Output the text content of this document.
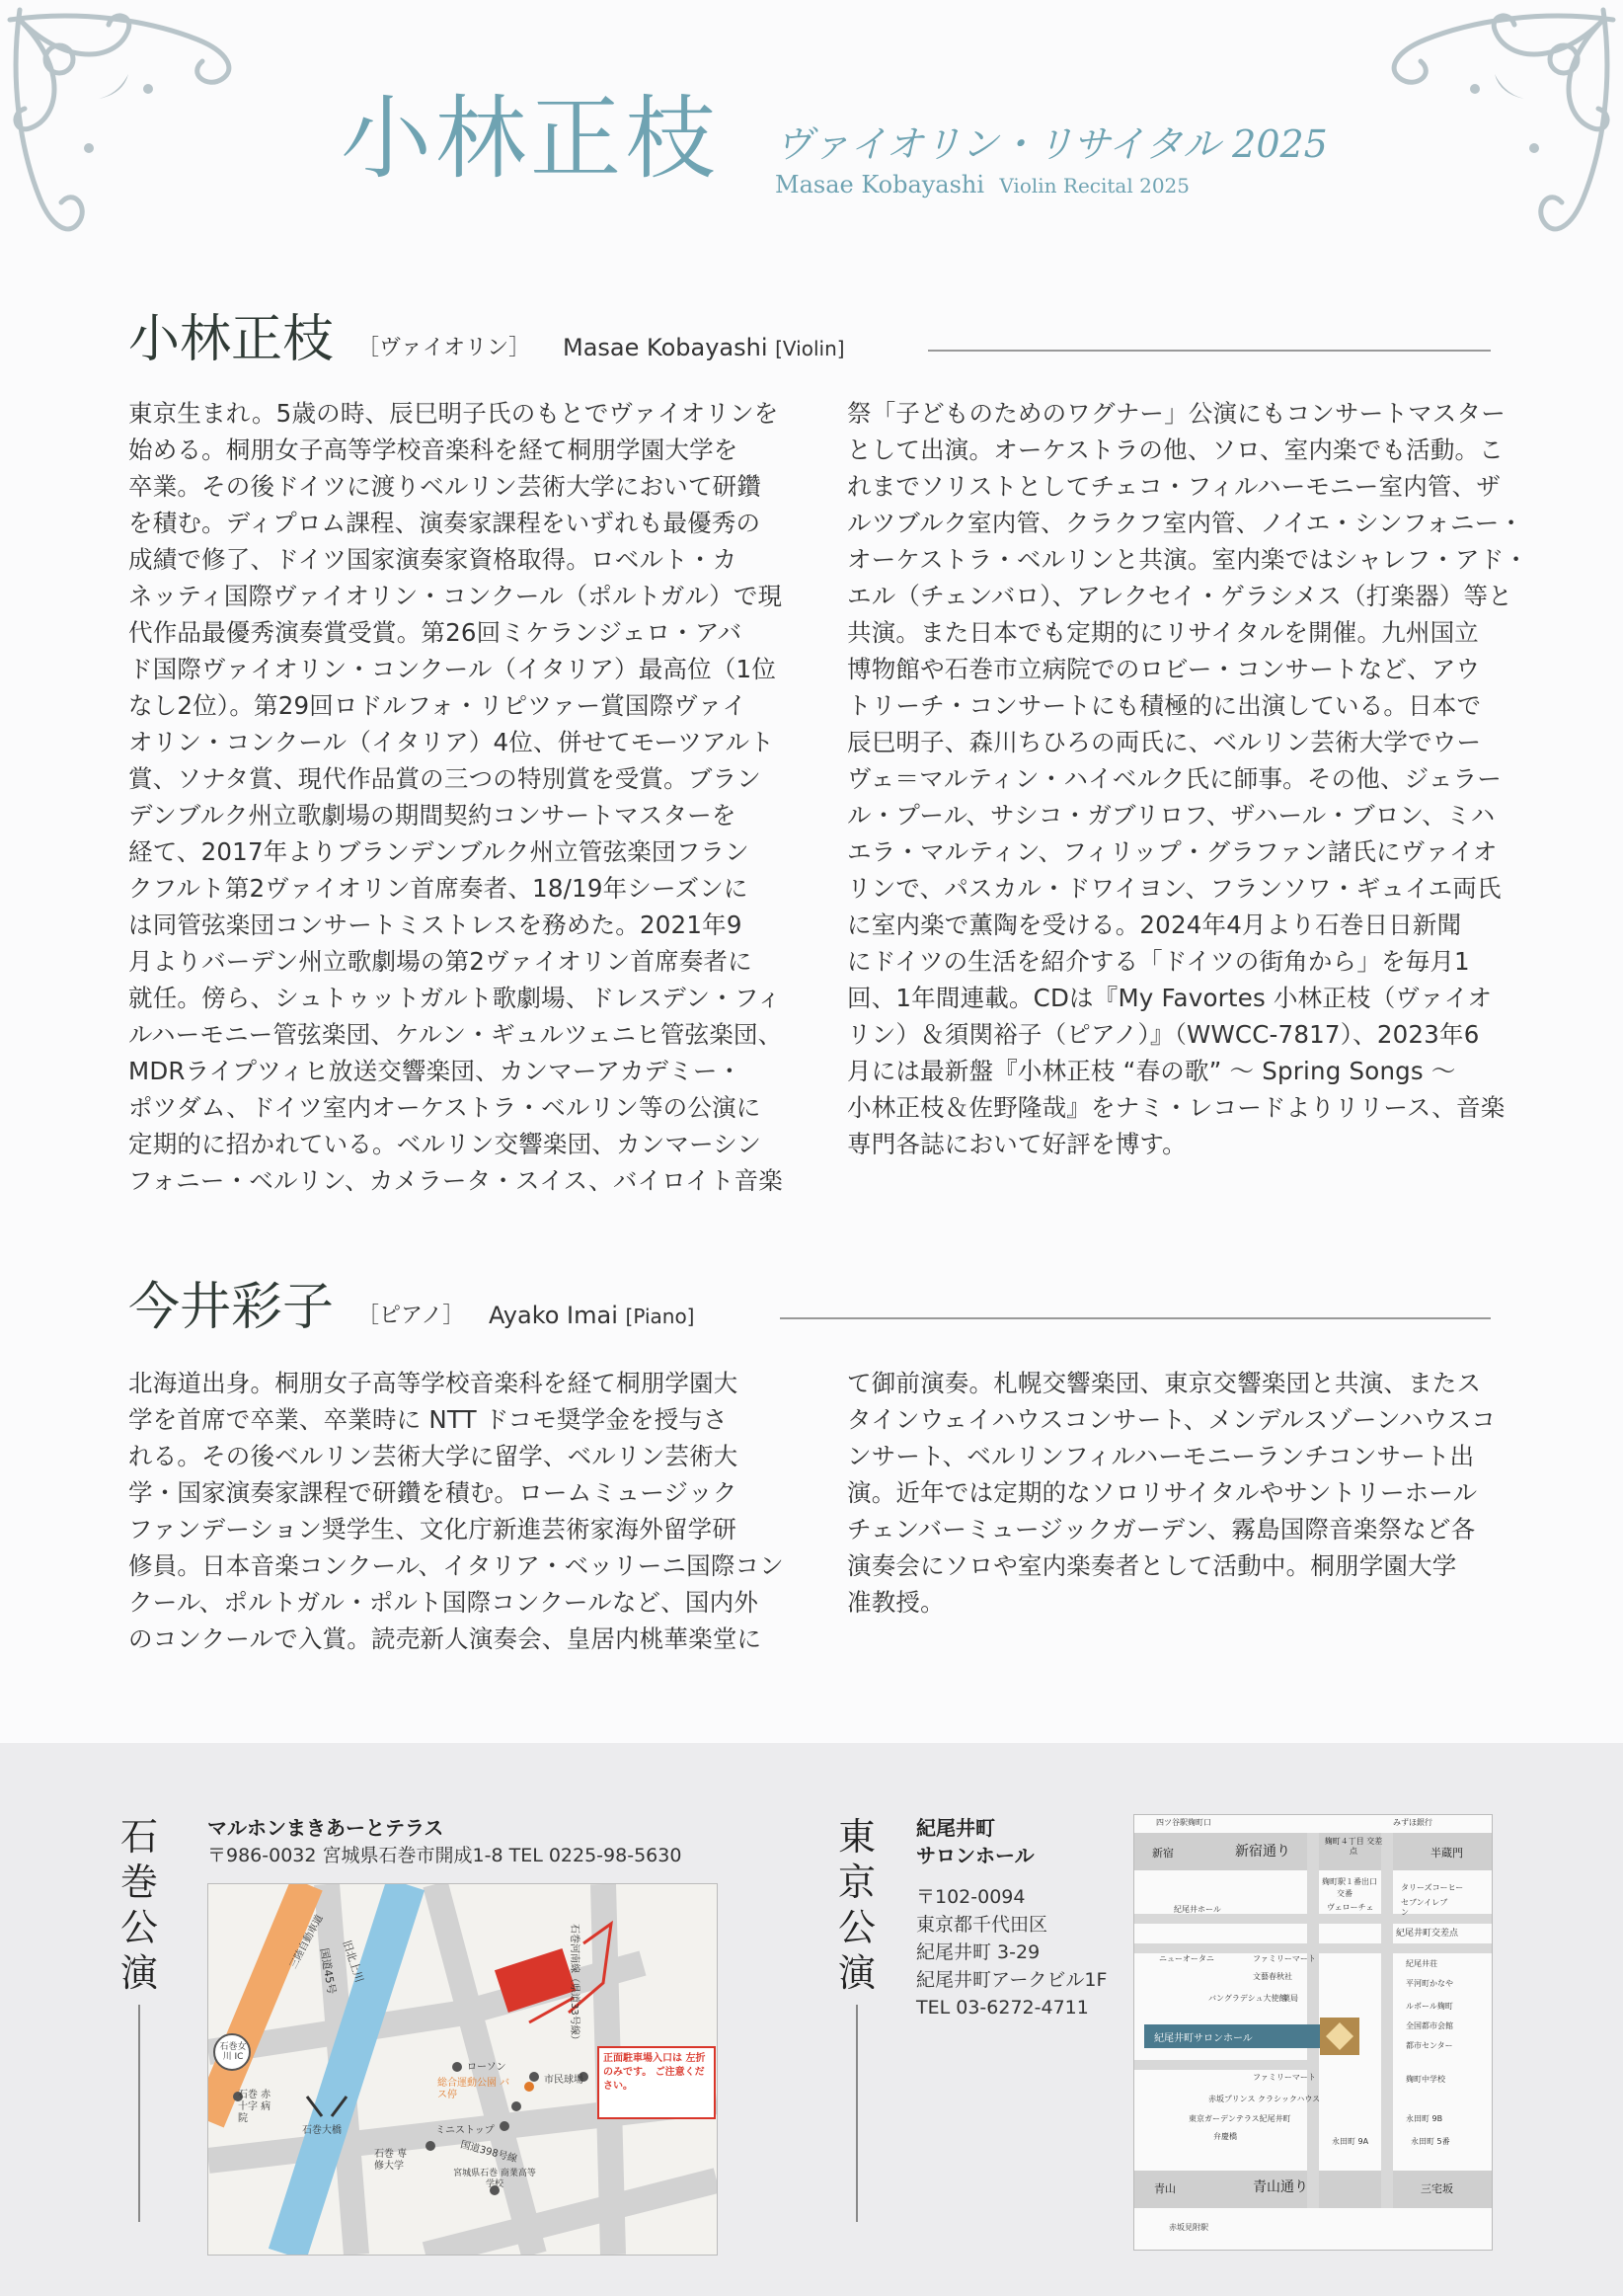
小林正枝 ヴァイオリン・リサイタル 2025
Masae Kobayashi Violin Recital 2025
小林正枝 ［ヴァイオリン］ Masae Kobayashi [Violin]
東京生まれ。5歳の時、辰巳明子氏のもとでヴァイオリンを
始める。桐朋女子高等学校音楽科を経て桐朋学園大学を
卒業。その後ドイツに渡りベルリン芸術大学において研鑽
を積む。ディプロム課程、演奏家課程をいずれも最優秀の
成績で修了、ドイツ国家演奏家資格取得。ロベルト・カ
ネッティ国際ヴァイオリン・コンクール（ポルトガル）で現
代作品最優秀演奏賞受賞。第26回ミケランジェロ・アバ
ド国際ヴァイオリン・コンクール（イタリア）最高位（1位
なし2位）。第29回ロドルフォ・リピツァー賞国際ヴァイ
オリン・コンクール（イタリア）4位、併せてモーツアルト
賞、ソナタ賞、現代作品賞の三つの特別賞を受賞。ブラン
デンブルク州立歌劇場の期間契約コンサートマスターを
経て、2017年よりブランデンブルク州立管弦楽団フラン
クフルト第2ヴァイオリン首席奏者、18/19年シーズンに
は同管弦楽団コンサートミストレスを務めた。2021年9
月よりバーデン州立歌劇場の第2ヴァイオリン首席奏者に
就任。傍ら、シュトゥットガルト歌劇場、ドレスデン・フィ
ルハーモニー管弦楽団、ケルン・ギュルツェニヒ管弦楽団、
MDRライプツィヒ放送交響楽団、カンマーアカデミー・
ポツダム、ドイツ室内オーケストラ・ベルリン等の公演に
定期的に招かれている。ベルリン交響楽団、カンマーシン
フォニー・ベルリン、カメラータ・スイス、バイロイト音楽
祭「子どものためのワグナー」公演にもコンサートマスター
として出演。オーケストラの他、ソロ、室内楽でも活動。こ
れまでソリストとしてチェコ・フィルハーモニー室内管、ザ
ルツブルク室内管、クラクフ室内管、ノイエ・シンフォニー・
オーケストラ・ベルリンと共演。室内楽ではシャレフ・アド・
エル（チェンバロ）、アレクセイ・ゲラシメス（打楽器）等と
共演。また日本でも定期的にリサイタルを開催。九州国立
博物館や石巻市立病院でのロビー・コンサートなど、アウ
トリーチ・コンサートにも積極的に出演している。日本で
辰巳明子、森川ちひろの両氏に、ベルリン芸術大学でウー
ヴェ＝マルティン・ハイベルク氏に師事。その他、ジェラー
ル・プール、サシコ・ガブリロフ、ザハール・ブロン、ミハ
エラ・マルティン、フィリップ・グラファン諸氏にヴァイオ
リンで、パスカル・ドワイヨン、フランソワ・ギュイエ両氏
に室内楽で薫陶を受ける。2024年4月より石巻日日新聞
にドイツの生活を紹介する「ドイツの街角から」を毎月1
回、1年間連載。CDは『My Favortes 小林正枝（ヴァイオ
リン）＆須関裕子（ピアノ）』（WWCC-7817）、2023年6
月には最新盤『小林正枝 “春の歌” 〜 Spring Songs 〜
小林正枝＆佐野隆哉』をナミ・レコードよりリリース、音楽
専門各誌において好評を博す。
今井彩子 ［ピアノ］ Ayako Imai [Piano]
北海道出身。桐朋女子高等学校音楽科を経て桐朋学園大
学を首席で卒業、卒業時に NTT ドコモ奨学金を授与さ
れる。その後ベルリン芸術大学に留学、ベルリン芸術大
学・国家演奏家課程で研鑽を積む。ロームミュージック
ファンデーション奨学生、文化庁新進芸術家海外留学研
修員。日本音楽コンクール、イタリア・ベッリーニ国際コン
クール、ポルトガル・ポルト国際コンクールなど、国内外
のコンクールで入賞。読売新人演奏会、皇居内桃華楽堂に
て御前演奏。札幌交響楽団、東京交響楽団と共演、またス
タインウェイハウスコンサート、メンデルスゾーンハウスコ
ンサート、ベルリンフィルハーモニーランチコンサート出
演。近年では定期的なソロリサイタルやサントリーホール
チェンバーミュージックガーデン、霧島国際音楽祭など各
演奏会にソロや室内楽奏者として活動中。桐朋学園大学
准教授。
石
巻
公
演
マルホンまきあーとテラス
〒986-0032 宮城県石巻市開成1-8 TEL 0225-98-5630
三陸自動車道
国道45号 旧北上川	石巻河南線（県道33号線）
石巻女川 IC
石巻 赤十字 病院
石巻大橋
ローソン
総合運動公園 バス停
ミニストップ
市民球場
石巻 専修大学
国道398号線
宮城県石巻 商業高等学校
正面駐車場入口は 左折のみです。 ご注意ください。
東
京
公
演
紀尾井町
サロンホール
〒102-0094
東京都千代田区
紀尾井町 3-29
紀尾井町アークビル1F
TEL 03-6272-4711
四ツ谷駅麹町口	みずほ銀行
新宿	新宿通り
麹町４丁目 交差点	半蔵門
麹町駅１番出口
交番
タリーズコーヒー
セブンイレブン
紀尾井ホール	ヴェローチェ
紀尾井町交差点
ニューオータニ	ファミリーマート
文藝春秋社
バングラデシュ大使館
薬局
紀尾井町サロンホール
紀尾井荘
平河町かなや
ルボール麹町
全国都市会館
都市センター
ファミリーマート	麹町中学校
赤坂プリンス クラシックハウス
東京ガーデンテラス紀尾井町	永田町 9B
永田町 9A	永田町 5番
弁慶橋
青山	青山通り	三宅坂
赤坂見附駅
